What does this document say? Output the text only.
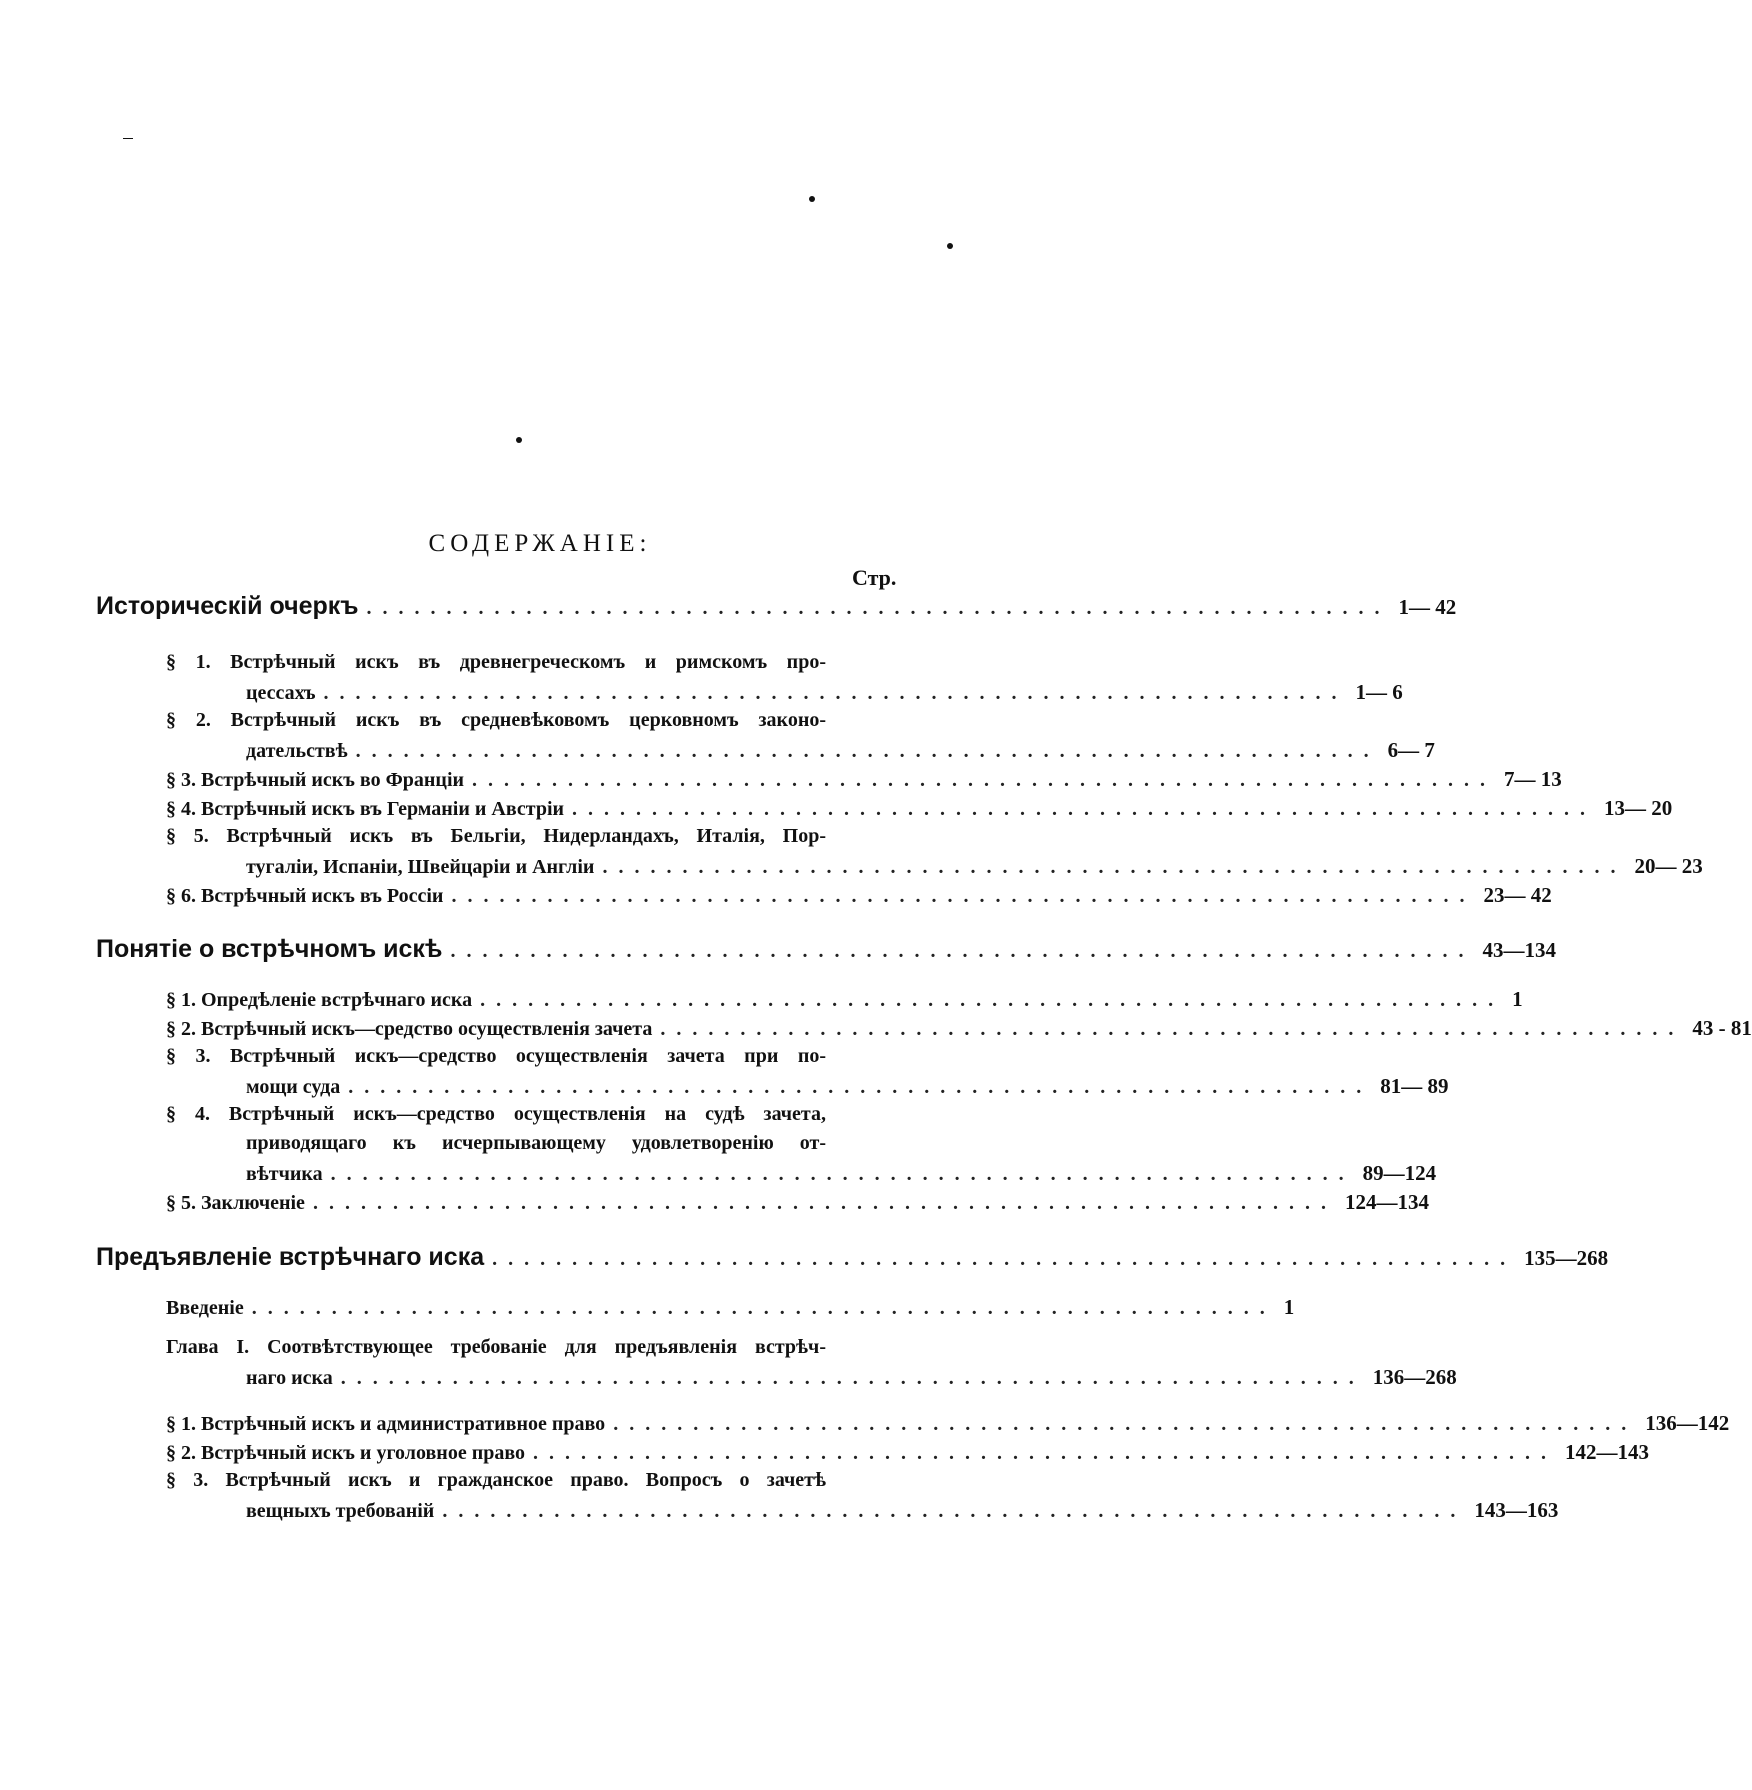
СОДЕРЖАНІЕ:
Стр.
Историческій очеркъ ................................................................ 1— 42
§ 1. Встрѣчный искъ въ древнегреческомъ и римскомъ про-
цессахъ ................................................................ 1— 6
§ 2. Встрѣчный искъ въ средневѣковомъ церковномъ законо-
дательствѣ ................................................................ 6— 7
§ 3. Встрѣчный искъ во Франціи ................................................................ 7— 13
§ 4. Встрѣчный искъ въ Германіи и Австріи ................................................................ 13— 20
§ 5. Встрѣчный искъ въ Бельгіи, Нидерландахъ, Италія, Пор-
тугаліи, Испаніи, Швейцаріи и Англіи ................................................................ 20— 23
§ 6. Встрѣчный искъ въ Россіи ................................................................ 23— 42
Понятіе о встрѣчномъ искѣ ................................................................ 43—134
§ 1. Опредѣленіе встрѣчнаго иска ................................................................ 1
§ 2. Встрѣчный искъ—средство осуществленія зачета ................................................................ 43 - 81
§ 3. Встрѣчный искъ—средство осуществленія зачета при по-
мощи суда ................................................................ 81— 89
§ 4. Встрѣчный искъ—средство осуществленія на судѣ зачета,
приводящаго къ исчерпывающему удовлетворенію от-
вѣтчика ................................................................ 89—124
§ 5. Заключеніе ................................................................ 124—134
Предъявленіе встрѣчнаго иска ................................................................ 135—268
Введеніе ................................................................ 1
Глава I. Соотвѣтствующее требованіе для предъявленія встрѣч-
наго иска ................................................................ 136—268
§ 1. Встрѣчный искъ и административное право ................................................................ 136—142
§ 2. Встрѣчный искъ и уголовное право ................................................................ 142—143
§ 3. Встрѣчный искъ и гражданское право. Вопросъ о зачетѣ
вещныхъ требованій ................................................................ 143—163
